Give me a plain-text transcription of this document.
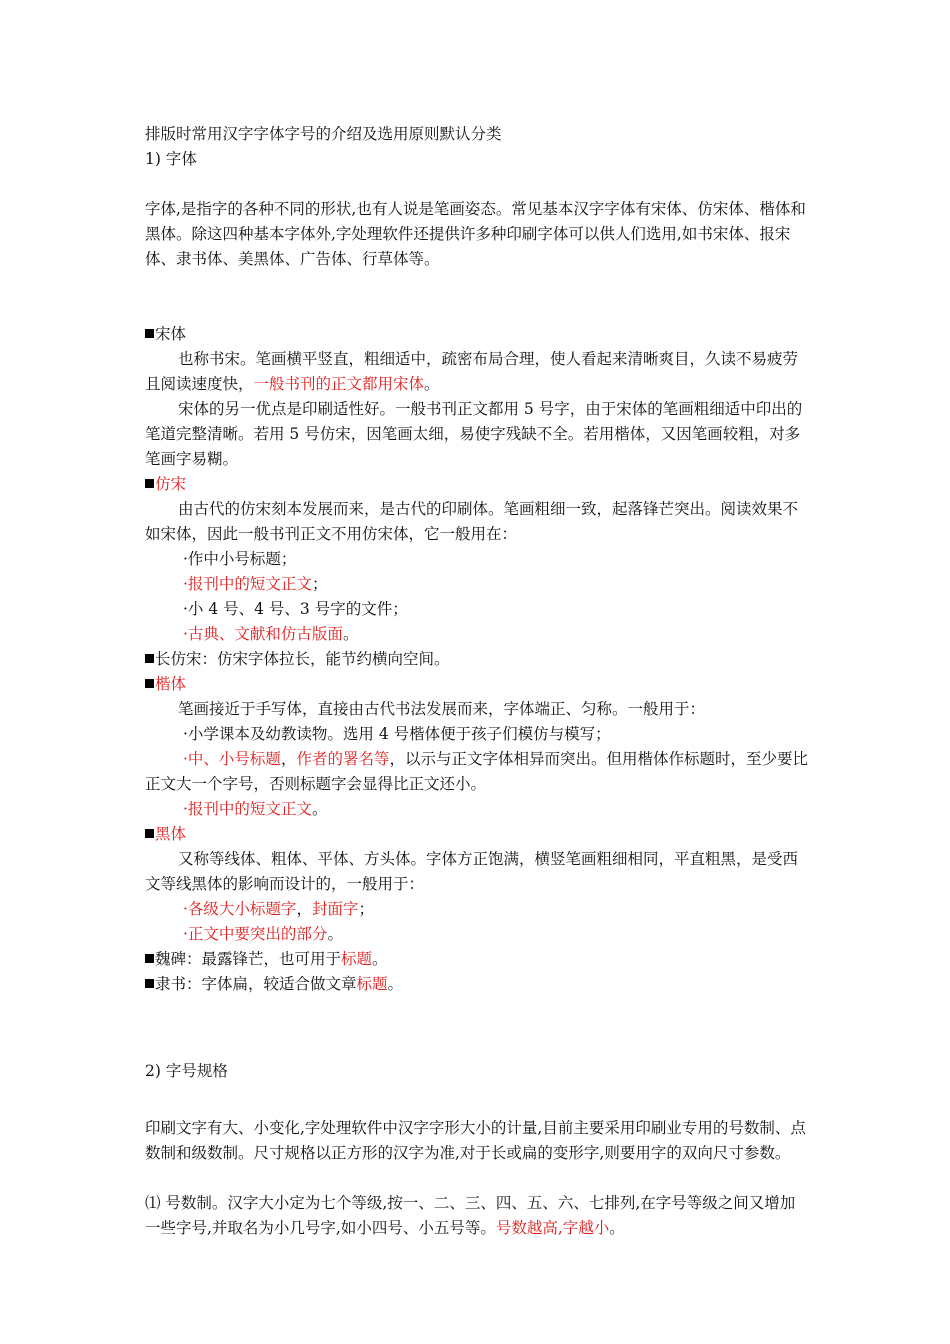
排版时常用汉字字体字号的介绍及选用原则默认分类

1) 字体

字体,是指字的各种不同的形状,也有人说是笔画姿态。常见基本汉字字体有宋体、仿宋体、楷体和黑体。除这四种基本字体外,字处理软件还提供许多种印刷字体可以供人们选用,如书宋体、报宋体、隶书体、美黑体、广告体、行草体等。

宋体

也称书宋。笔画横平竖直，粗细适中，疏密布局合理，使人看起来清晰爽目，久读不易疲劳且阅读速度快，一般书刊的正文都用宋体。

宋体的另一优点是印刷适性好。一般书刊正文都用 5 号字，由于宋体的笔画粗细适中印出的笔道完整清晰。若用 5 号仿宋，因笔画太细，易使字残缺不全。若用楷体，又因笔画较粗，对多笔画字易糊。

仿宋

由古代的仿宋刻本发展而来，是古代的印刷体。笔画粗细一致，起落锋芒突出。阅读效果不如宋体，因此一般书刊正文不用仿宋体，它一般用在：

·作中小号标题；

·报刊中的短文正文；

·小 4 号、4 号、3 号字的文件；

·古典、文献和仿古版面。

长仿宋：仿宋字体拉长，能节约横向空间。

楷体

笔画接近于手写体，直接由古代书法发展而来，字体端正、匀称。一般用于：

·小学课本及幼教读物。选用 4 号楷体便于孩子们模仿与模写；

·中、小号标题，作者的署名等，以示与正文字体相异而突出。但用楷体作标题时，至少要比正文大一个字号，否则标题字会显得比正文还小。

·报刊中的短文正文。

黑体

又称等线体、粗体、平体、方头体。字体方正饱满，横竖笔画粗细相同，平直粗黑，是受西文等线黑体的影响而设计的，一般用于：

·各级大小标题字，封面字；

·正文中要突出的部分。

魏碑：最露锋芒，也可用于标题。

隶书：字体扁，较适合做文章标题。

2) 字号规格

印刷文字有大、小变化,字处理软件中汉字字形大小的计量,目前主要采用印刷业专用的号数制、点数制和级数制。尺寸规格以正方形的汉字为准,对于长或扁的变形字,则要用字的双向尺寸参数。

⑴ 号数制。汉字大小定为七个等级,按一、二、三、四、五、六、七排列,在字号等级之间又增加一些字号,并取名为小几号字,如小四号、小五号等。号数越高,字越小。
